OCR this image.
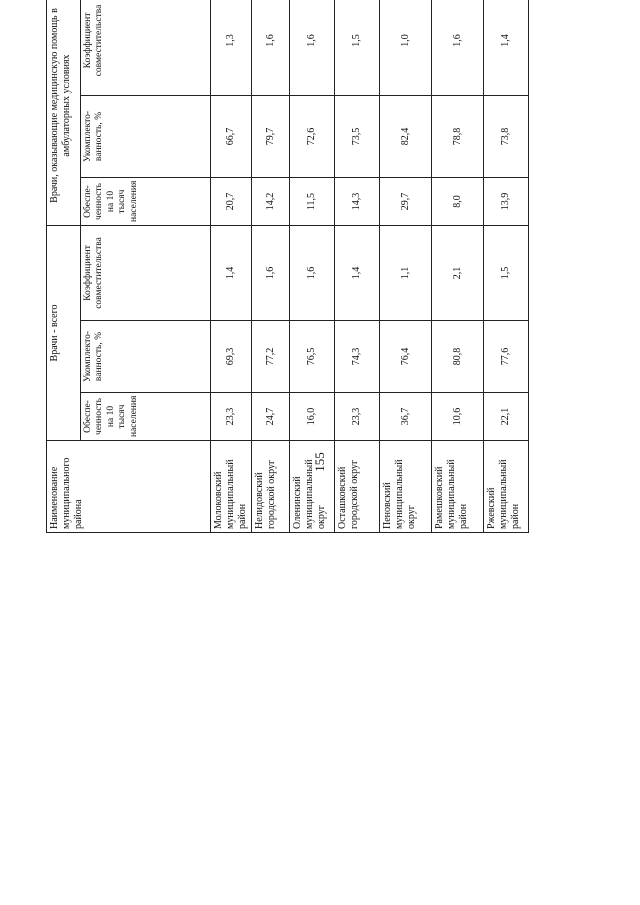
155
Наименование муниципального района	Врачи - всего			Врачи, оказывающие медицинскую помощь в амбулаторных условиях	
	Обеспе-ченность на 10 тысяч населения	Укомплекто-ванность, %	Коэффициент совместительства	Обеспе-ченность на 10 тысяч населения	Укомплекто-ванность, %	Коэффициент совместительства			
Молоковский муниципальный район	23,3	69,3	1,4	20,7	66,7	1,3			
Нелидовский городской округ	24,7	77,2	1,6	14,2	79,7	1,6			
Оленинский муниципальный округ	16,0	76,5	1,6	11,5	72,6	1,6			
Осташковский городской округ	23,3	74,3	1,4	14,3	73,5	1,5			
Пеновский муниципальный округ	36,7	76,4	1,1	29,7	82,4	1,0			
Рамешковский муниципальный район	10,6	80,8	2,1	8,0	78,8	1,6			
Ржевский муниципальный район	22,1	77,6	1,5	13,9	73,8	1,4			
